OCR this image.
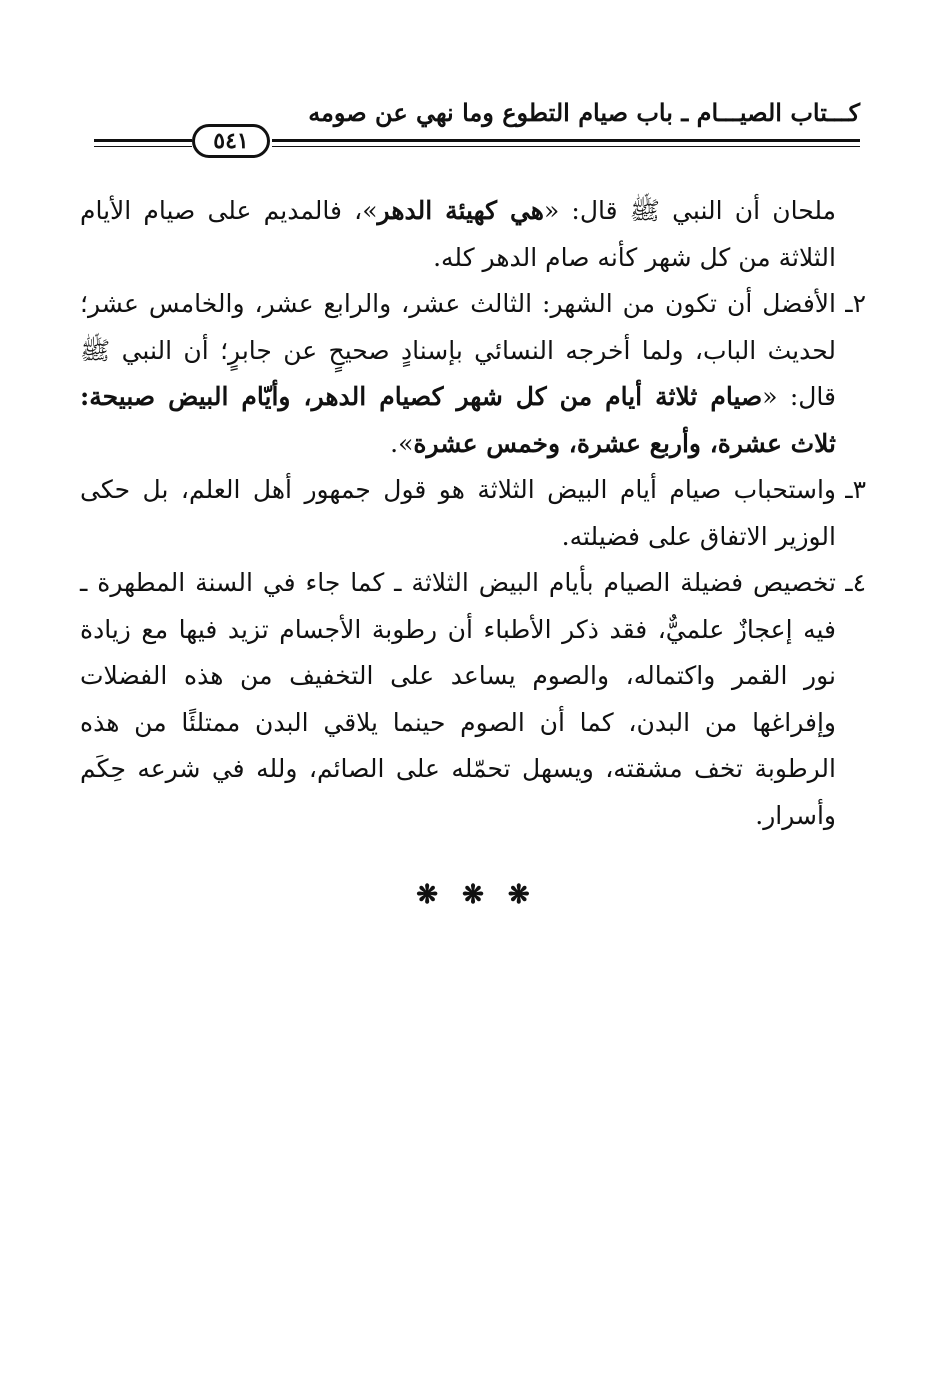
كـــتاب الصيـــام ـ باب صيام التطوع وما نهي عن صومه
٥٤١

ملحان أن النبي ﷺ قال: «هي كهيئة الدهر»، فالمديم على صيام الأيام الثلاثة من كل شهر كأنه صام الدهر كله.

٢ـالأفضل أن تكون من الشهر: الثالث عشر، والرابع عشر، والخامس عشر؛ لحديث الباب، ولما أخرجه النسائي بإسنادٍ صحيحٍ عن جابرٍ؛ أن النبي ﷺ قال: «صيام ثلاثة أيام من كل شهر كصيام الدهر، وأيّام البيض صبيحة: ثلاث عشرة، وأربع عشرة، وخمس عشرة».

٣ـواستحباب صيام أيام البيض الثلاثة هو قول جمهور أهل العلم، بل حكى الوزير الاتفاق على فضيلته.

٤ـتخصيص فضيلة الصيام بأيام البيض الثلاثة ـ كما جاء في السنة المطهرة ـ فيه إعجازٌ علميٌّ، فقد ذكر الأطباء أن رطوبة الأجسام تزيد فيها مع زيادة نور القمر واكتماله، والصوم يساعد على التخفيف من هذه الفضلات وإفراغها من البدن، كما أن الصوم حينما يلاقي البدن ممتلئًا من هذه الرطوبة تخف مشقته، ويسهل تحمّله على الصائم، ولله في شرعه حِكَم وأسرار.

❋ ❋ ❋
